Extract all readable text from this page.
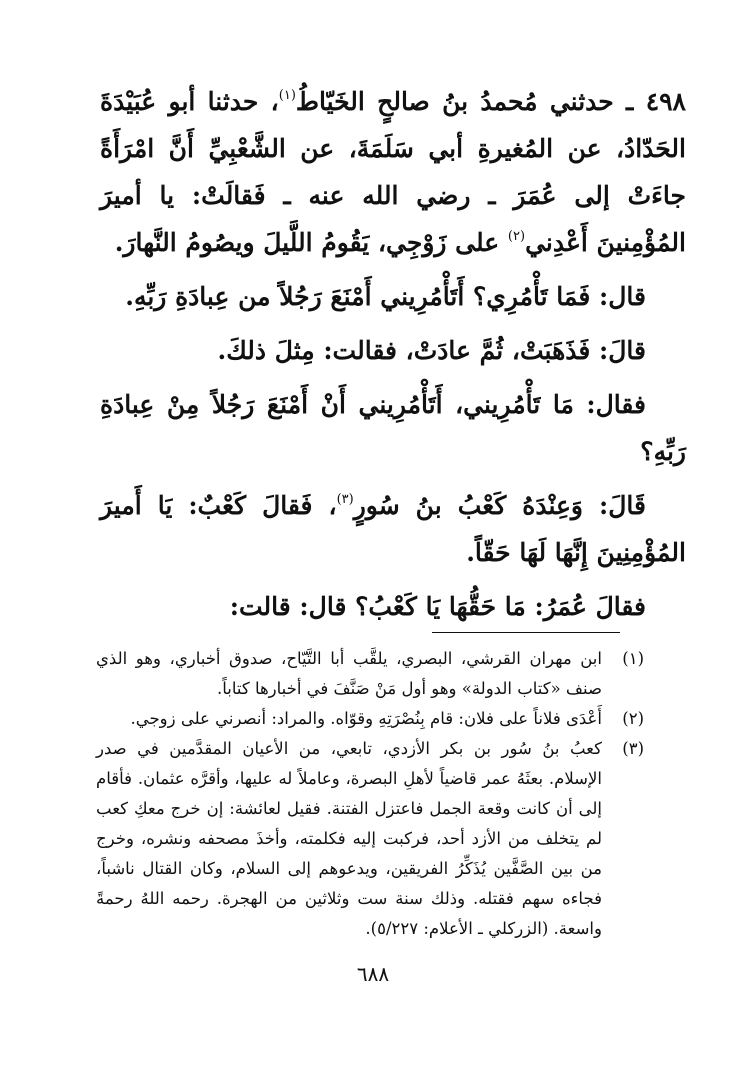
٤٩٨ ـ حدثني مُحمدُ بنُ صالحٍ الخَيّاطُ$^{(١)}$، حدثنا أبو عُبَيْدَةَ الحَدّادُ، عن المُغيرةِ أبي سَلَمَةَ، عن الشَّعْبِيِّ أَنَّ امْرَأَةً جاءَتْ إلى عُمَرَ ـ رضي الله عنه ـ فَقالَتْ: يا أميرَ المُؤْمِنينَ أَعْدِني$^{(٢)}$ على زَوْجِي، يَقُومُ اللَّيلَ ويصُومُ النَّهارَ.

قال: فَمَا تَأْمُرِي؟ أَتَأْمُرِيني أَمْنَعَ رَجُلاً من عِبادَةِ رَبِّهِ.

قالَ: فَذَهَبَتْ، ثُمَّ عادَتْ، فقالت: مِثلَ ذلكَ.

فقال: مَا تَأْمُرِيني، أَتَأْمُرِيني أَنْ أَمْنَعَ رَجُلاً مِنْ عِبادَةِ رَبِّهِ؟

قَالَ: وَعِنْدَهُ كَعْبُ بنُ سُورٍ$^{(٣)}$، فَقالَ كَعْبٌ: يَا أَميرَ المُؤْمِنِينَ إِنَّهَا لَهَا حَقّاً.

فقالَ عُمَرُ: مَا حَقُّهَا يَا كَعْبُ؟ قال: قالت:

(١)
ابن مهران القرشي، البصري، يلقَّب أبا التَّيّاح، صدوق أخباري، وهو الذي صنف «كتاب الدولة» وهو أول مَنْ صَنَّفَ في أخبارها كتاباً.
(٢)
أَعْدَى فلاناً على فلان: قام بِنُصْرَتِهِ وقوّاه. والمراد: أنصرني على زوجي.
(٣)
كعبُ بنُ سُور بن بكر الأزدي، تابعي، من الأعيان المقدَّمين في صدر الإسلام. بعثَهُ عمر قاضياً لأهلِ البصرة، وعاملاً له عليها، وأقرَّه عثمان. فأقام إلى أن كانت وقعة الجمل فاعتزل الفتنة. فقيل لعائشة: إن خرج معكِ كعب لم يتخلف من الأزد أحد، فركبت إليه فكلمته، وأخذَ مصحفه ونشره، وخرج من بين الصَّفَّين يُذَكِّرُ الفريقين، ويدعوهم إلى السلام، وكان القتال ناشباً، فجاءه سهم فقتله. وذلك سنة ست وثلاثين من الهجرة. رحمه اللهُ رحمةً واسعة. (الزركلي ـ الأعلام: ٥/٢٢٧).
٦٨٨
